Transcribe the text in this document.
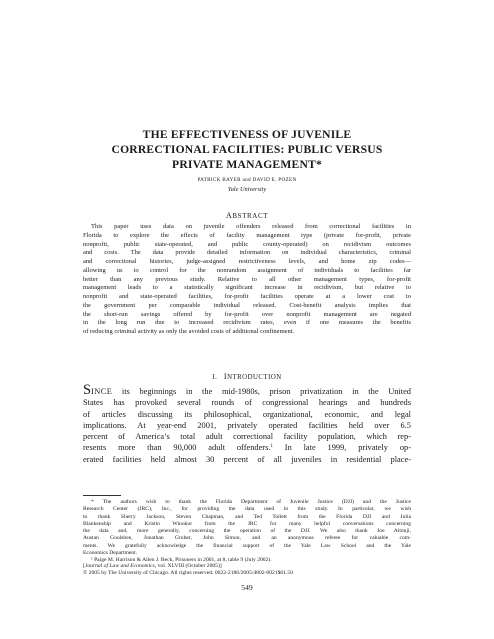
THE EFFECTIVENESS OF JUVENILE
CORRECTIONAL FACILITIES: PUBLIC VERSUS
PRIVATE MANAGEMENT*
PATRICK BAYER and DAVID E. POZEN
Yale University
ABSTRACT
This paper uses data on juvenile offenders released from correctional facilities in
Florida to explore the effects of facility management type (private for-profit, private
nonprofit, public state-operated, and public county-operated) on recidivism outcomes
and costs. The data provide detailed information on individual characteristics, criminal
and correctional histories, judge-assigned restrictiveness levels, and home zip codes—
allowing us to control for the nonrandom assignment of individuals to facilities far
better than any previous study. Relative to all other management types, for-profit
management leads to a statistically significant increase in recidivism, but relative to
nonprofit and state-operated facilities, for-profit facilities operate at a lower cost to
the government per comparable individual released. Cost-benefit analysis implies that
the short-run savings offered by for-profit over nonprofit management are negated
in the long run due to increased recidivism rates, even if one measures the benefits
of reducing criminal activity as only the avoided costs of additional confinement.
I. INTRODUCTION
SINCE its beginnings in the mid-1980s, prison privatization in the United
States has provoked several rounds of congressional hearings and hundreds
of articles discussing its philosophical, organizational, economic, and legal
implications. At year-end 2001, privately operated facilities held over 6.5
percent of America’s total adult correctional facility population, which rep-
resents more than 90,000 adult offenders.$^1$ In late 1999, privately op-
erated facilities held almost 30 percent of all juveniles in residential place-
* The authors wish to thank the Florida Department of Juvenile Justice (DJJ) and the Justice
Research Center (JRC), Inc., for providing the data used in this study. In particular, we wish
to thank Sherry Jackson, Steven Chapman, and Ted Tollett from the Florida DJJ and Julia
Blankenship and Kristin Winokur from the JRC for many helpful conversations concerning
the data and, more generally, concerning the operation of the DJJ. We also thank Joe Altonji,
Austan Goolsbee, Jonathan Gruber, John Simon, and an anonymous referee for valuable com-
ments. We gratefully acknowledge the financial support of the Yale Law School and the Yale
Economics Department.
¹ Paige M. Harrison & Allen J. Beck, Prisoners in 2001, at 8, table 9 (July 2002).
[Journal of Law and Economics, vol. XLVIII (October 2005)]
© 2005 by The University of Chicago. All rights reserved. 0022-2186/2005/4802-0021$01.50
549
